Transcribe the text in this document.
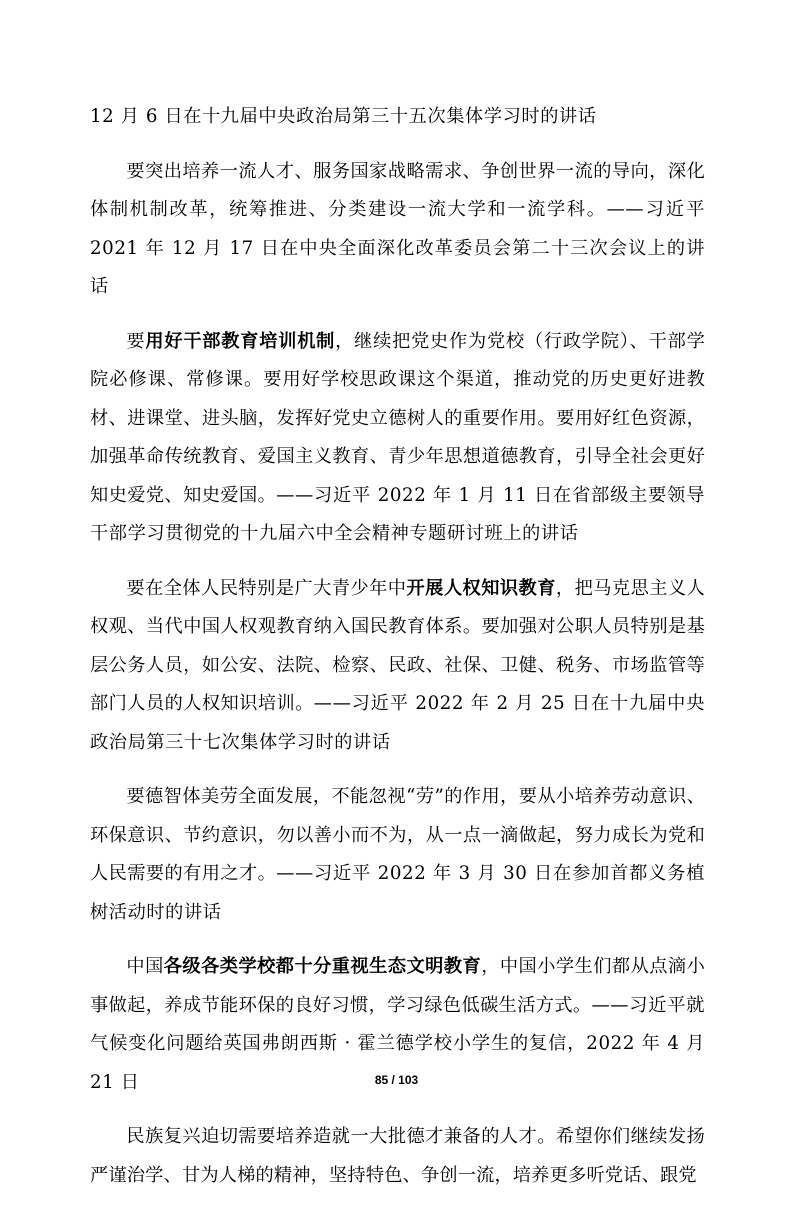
12 月 6 日在十九届中央政治局第三十五次集体学习时的讲话

要突出培养一流人才、服务国家战略需求、争创世界一流的导向，深化体制机制改革，统筹推进、分类建设一流大学和一流学科。——习近平 2021 年 12 月 17 日在中央全面深化改革委员会第二十三次会议上的讲话

要用好干部教育培训机制，继续把党史作为党校（行政学院）、干部学院必修课、常修课。要用好学校思政课这个渠道，推动党的历史更好进教材、进课堂、进头脑，发挥好党史立德树人的重要作用。要用好红色资源，加强革命传统教育、爱国主义教育、青少年思想道德教育，引导全社会更好知史爱党、知史爱国。——习近平 2022 年 1 月 11 日在省部级主要领导干部学习贯彻党的十九届六中全会精神专题研讨班上的讲话

要在全体人民特别是广大青少年中开展人权知识教育，把马克思主义人权观、当代中国人权观教育纳入国民教育体系。要加强对公职人员特别是基层公务人员，如公安、法院、检察、民政、社保、卫健、税务、市场监管等部门人员的人权知识培训。——习近平 2022 年 2 月 25 日在十九届中央政治局第三十七次集体学习时的讲话

要德智体美劳全面发展，不能忽视“劳”的作用，要从小培养劳动意识、环保意识、节约意识，勿以善小而不为，从一点一滴做起，努力成长为党和人民需要的有用之才。——习近平 2022 年 3 月 30 日在参加首都义务植树活动时的讲话

中国各级各类学校都十分重视生态文明教育，中国小学生们都从点滴小事做起，养成节能环保的良好习惯，学习绿色低碳生活方式。——习近平就气候变化问题给英国弗朗西斯 · 霍兰德学校小学生的复信，2022 年 4 月 21 日

民族复兴迫切需要培养造就一大批德才兼备的人才。希望你们继续发扬严谨治学、甘为人梯的精神，坚持特色、争创一流，培养更多听党话、跟党

85 / 103
